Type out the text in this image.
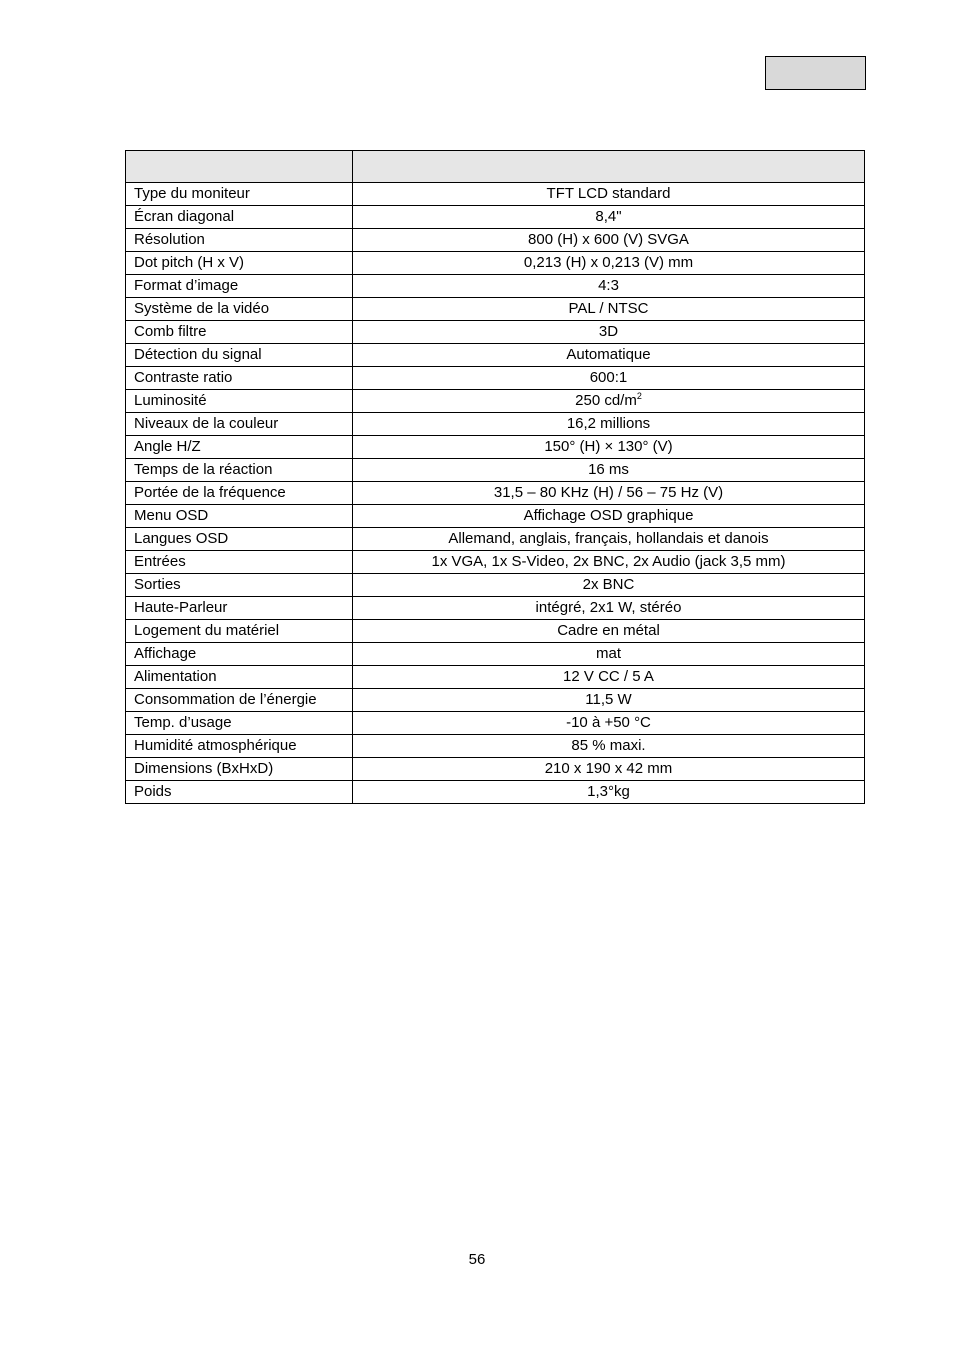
Type du moniteur	TFT LCD standard
Écran diagonal	8,4"
Résolution	800 (H) x 600 (V) SVGA
Dot pitch (H x V)	0,213 (H) x 0,213 (V) mm
Format d’image	4:3
Système de la vidéo	PAL / NTSC
Comb filtre	3D
Détection du signal	Automatique
Contraste ratio	600:1
Luminosité	250 $cd/m^2$
Niveaux de la couleur	16,2 millions
Angle H/Z	150° (H) × 130° (V)
Temps de la réaction	16 ms
Portée de la fréquence	31,5 – 80 KHz (H) / 56 – 75 Hz (V)
Menu OSD	Affichage OSD graphique
Langues OSD	Allemand, anglais, français, hollandais et danois
Entrées	1x VGA, 1x S-Video, 2x BNC, 2x Audio (jack 3,5 mm)
Sorties	2x BNC
Haute-Parleur	intégré, 2x1 W, stéréo
Logement du matériel	Cadre en métal
Affichage	mat
Alimentation	12 V CC / 5 A
Consommation de l’énergie	11,5 W
Temp. d’usage	-10 à +50 °C
Humidité atmosphérique	85 % maxi.
Dimensions (BxHxD)	210 x 190 x 42 mm
Poids	1,3°kg
56
